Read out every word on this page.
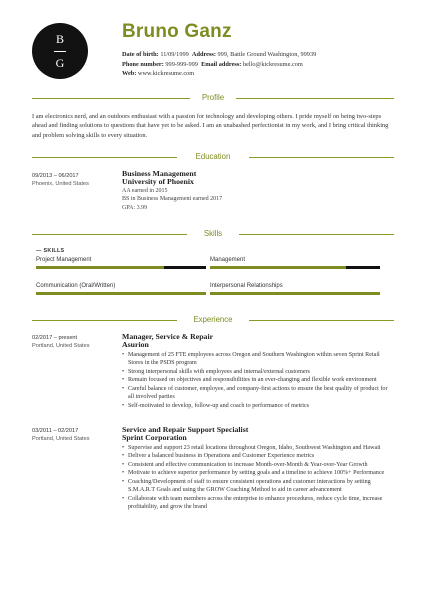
B
G
Bruno Ganz
Date of birth: 11/09/1999 Address: 999, Battle Ground Washington, 99939
Phone number: 999-999-999 Email address: hello@kickresume.com
Web: www.kickresume.com
Profile
I am electronics nerd, and an outdoors enthusiast with a passion for technology and developing others. I pride myself on being two-steps ahead and finding solutions to questions that have yet to be asked. I am an unabashed perfectionist in my work, and I bring critical thinking and problem solving skills to every situation.
Education
09/2013 – 06/2017
Phoenix, United States
Business Management
University of Phoenix
AA earned in 2015
BS in Business Management earned 2017
GPA: 3.99
Skills
— SKILLS
Project Management	Management
Communication (Oral/Written)	Interpersonal Relationships
Experience
02/2017 – present
Portland, United States
Manager, Service & Repair
Asurion
• Management of 25 FTE employees across Oregon and Southern Washington within seven Sprint Retail Stores in the PSDS program
• Strong interpersonal skills with employees and internal/external customers
• Remain focused on objectives and responsibilities in an ever-changing and flexible work environment
• Careful balance of customer, employee, and company-first actions to ensure the best quality of product for all involved parties
• Self-motivated to develop, follow-up and coach to performance of metrics
03/2011 – 02/2017
Portland, United States
Service and Repair Support Specialist
Sprint Corporation
• Supervise and support 23 retail locations throughout Oregon, Idaho, Southwest Washington and Hawaii
• Deliver a balanced business in Operations and Customer Experience metrics
• Consistent and effective communication to increase Month-over-Month & Year-over-Year Growth
• Motivate to achieve superior performance by setting goals and a timeline to achieve 100%+ Performance
• Coaching/Development of staff to ensure consistent operations and customer interactions by setting S.M.A.R.T Goals and using the GROW Coaching Method to aid in career advancement
• Collaborate with team members across the enterprise to enhance procedures, reduce cycle time, increase profitability, and grow the brand
